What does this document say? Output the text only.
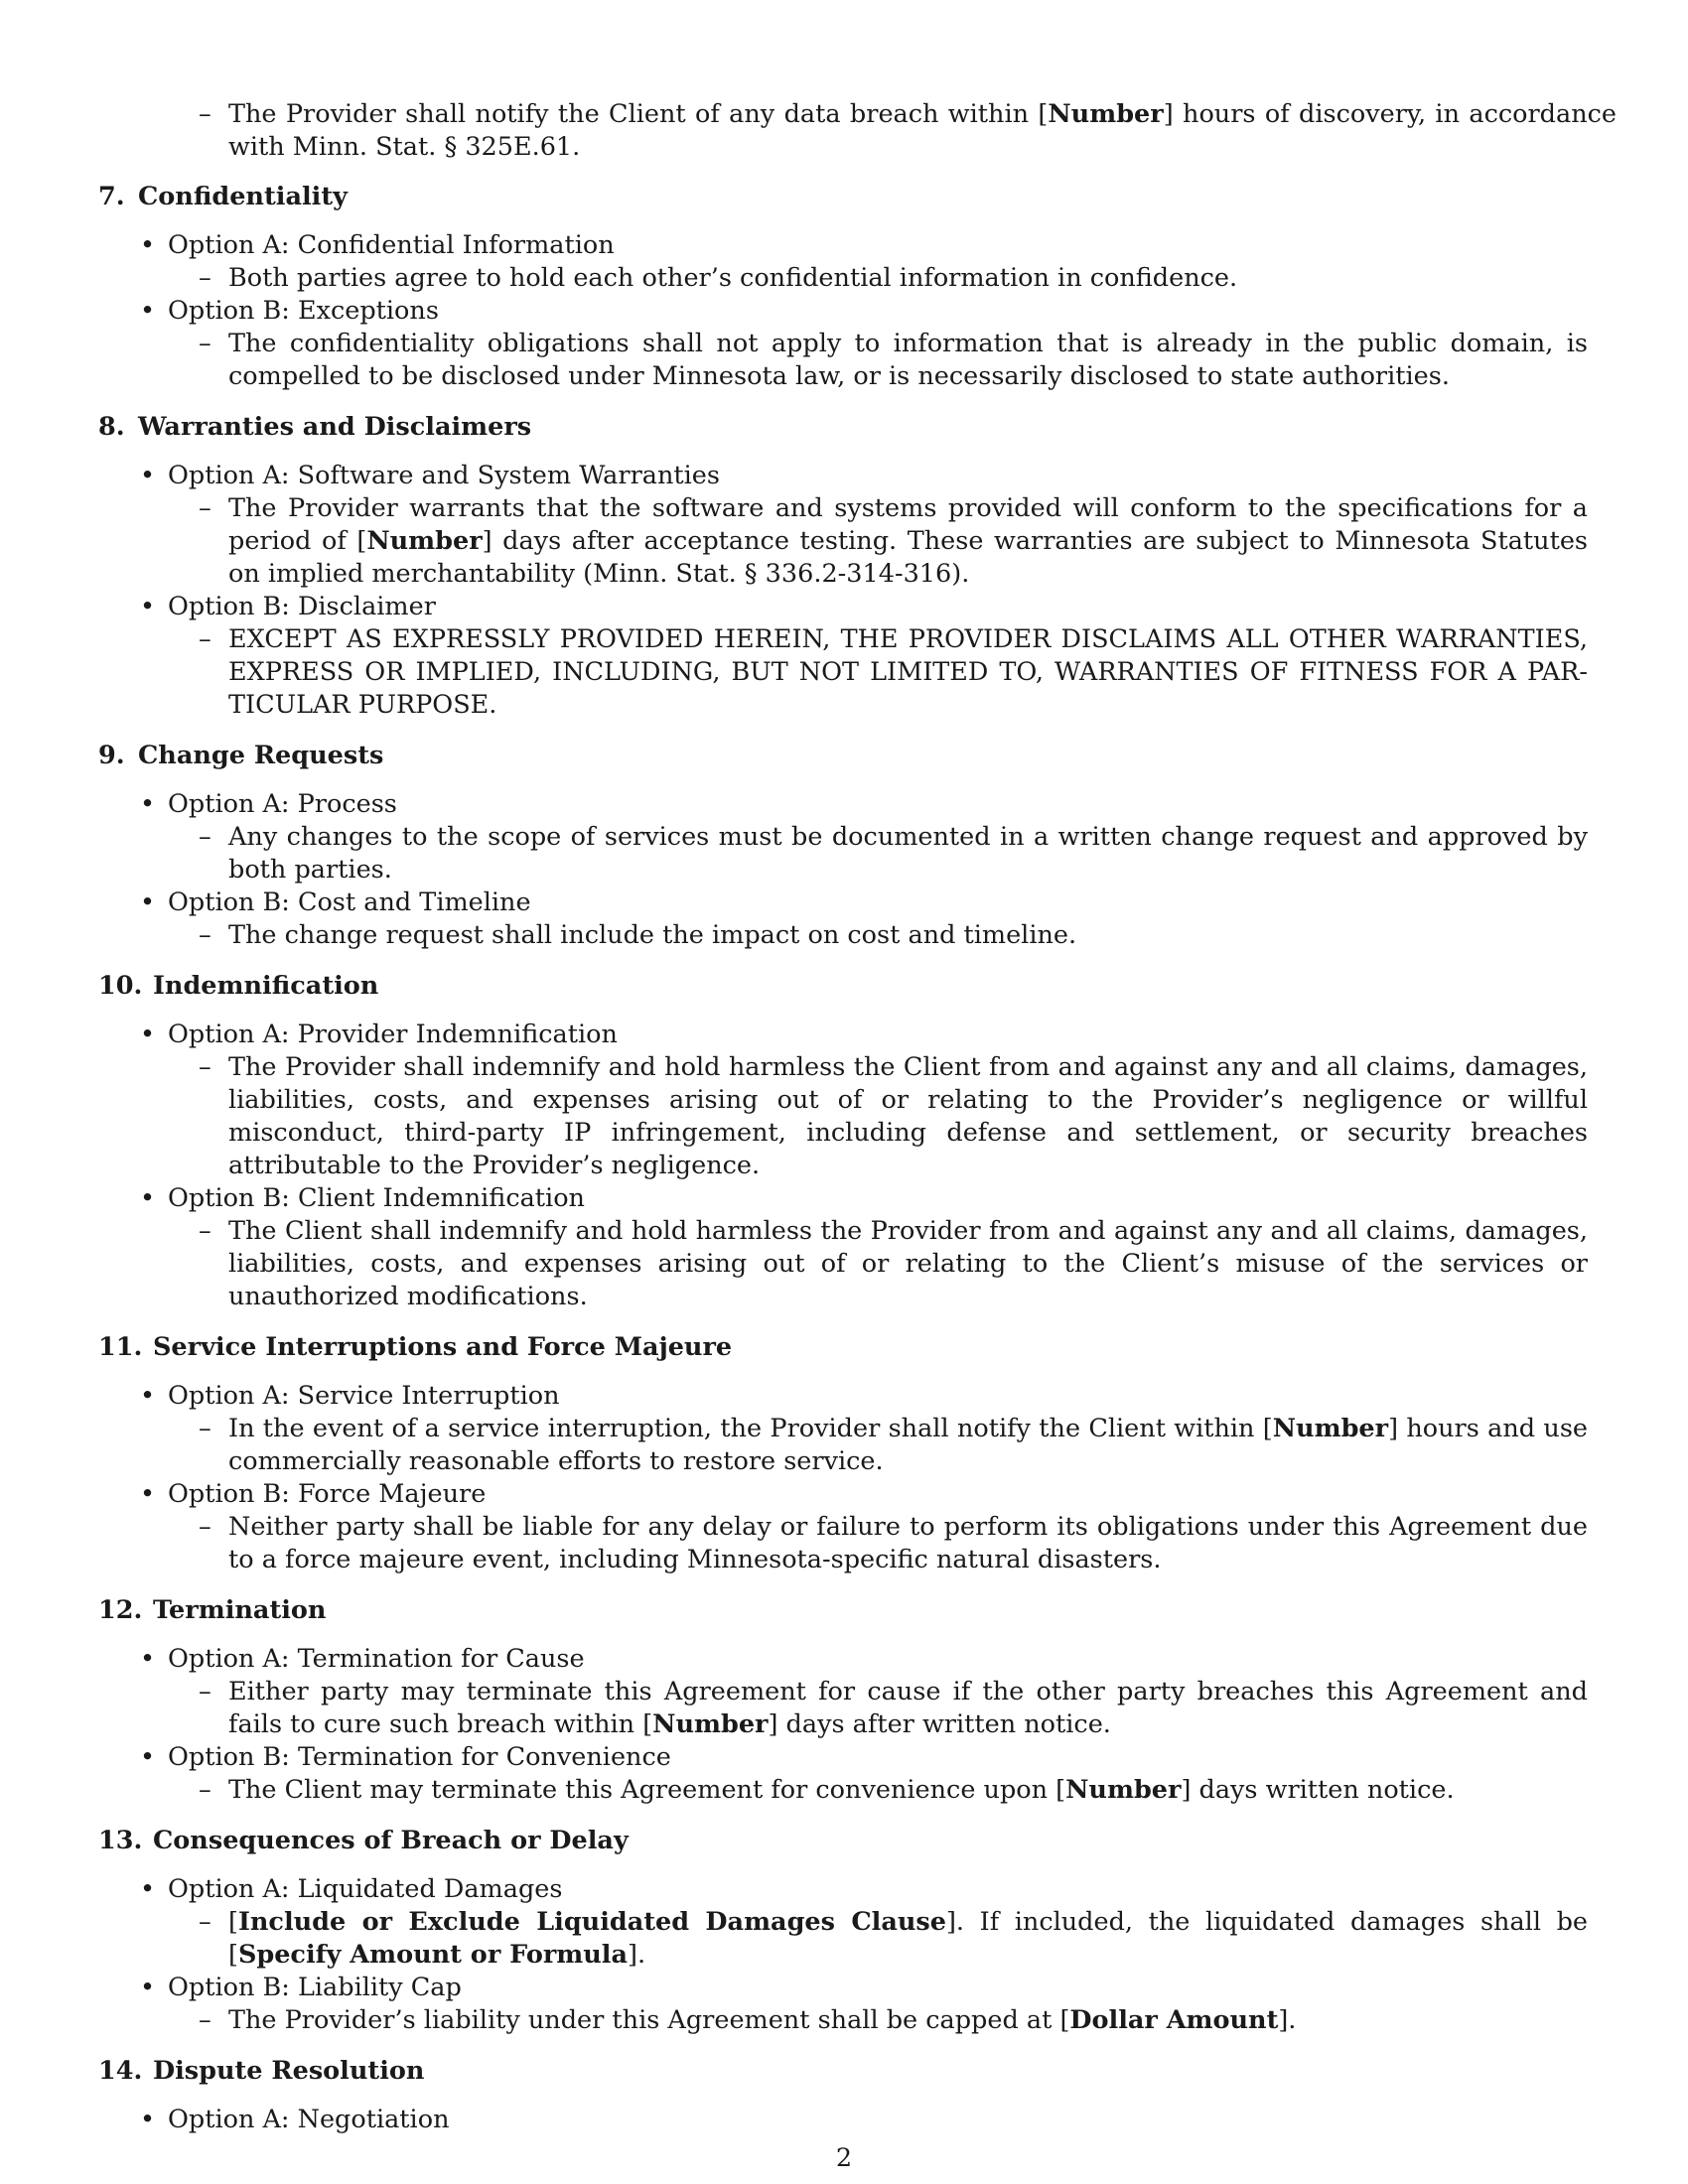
– The Provider shall notify the Client of any data breach within [Number] hours of discovery, in accordance with Minn. Stat. § 325E.61.
7. Confidentiality
• Option A: Confidential Information
– Both parties agree to hold each other’s confidential information in confidence.
• Option B: Exceptions
– The confidentiality obligations shall not apply to information that is already in the public domain, is compelled to be disclosed under Minnesota law, or is necessarily disclosed to state authorities.
8. Warranties and Disclaimers
• Option A: Software and System Warranties
– The Provider warrants that the software and systems provided will conform to the specifications for a period of [Number] days after acceptance testing. These warranties are subject to Minnesota Statutes on implied merchantability (Minn. Stat. § 336.2-314-316).
• Option B: Disclaimer
– EXCEPT AS EXPRESSLY PROVIDED HEREIN, THE PROVIDER DISCLAIMS ALL OTHER WARRANTIES, EXPRESS OR IMPLIED, INCLUDING, BUT NOT LIMITED TO, WARRANTIES OF FITNESS FOR A PARTICULAR PURPOSE.
9. Change Requests
• Option A: Process
– Any changes to the scope of services must be documented in a written change request and approved by both parties.
• Option B: Cost and Timeline
– The change request shall include the impact on cost and timeline.
10. Indemnification
• Option A: Provider Indemnification
– The Provider shall indemnify and hold harmless the Client from and against any and all claims, damages, liabilities, costs, and expenses arising out of or relating to the Provider’s negligence or willful misconduct, third-party IP infringement, including defense and settlement, or security breaches attributable to the Provider’s negligence.
• Option B: Client Indemnification
– The Client shall indemnify and hold harmless the Provider from and against any and all claims, damages, liabilities, costs, and expenses arising out of or relating to the Client’s misuse of the services or unauthorized modifications.
11. Service Interruptions and Force Majeure
• Option A: Service Interruption
– In the event of a service interruption, the Provider shall notify the Client within [Number] hours and use commercially reasonable efforts to restore service.
• Option B: Force Majeure
– Neither party shall be liable for any delay or failure to perform its obligations under this Agreement due to a force majeure event, including Minnesota-specific natural disasters.
12. Termination
• Option A: Termination for Cause
– Either party may terminate this Agreement for cause if the other party breaches this Agreement and fails to cure such breach within [Number] days after written notice.
• Option B: Termination for Convenience
– The Client may terminate this Agreement for convenience upon [Number] days written notice.
13. Consequences of Breach or Delay
• Option A: Liquidated Damages
– [Include or Exclude Liquidated Damages Clause]. If included, the liquidated damages shall be [Specify Amount or Formula].
• Option B: Liability Cap
– The Provider’s liability under this Agreement shall be capped at [Dollar Amount].
14. Dispute Resolution
• Option A: Negotiation
2
